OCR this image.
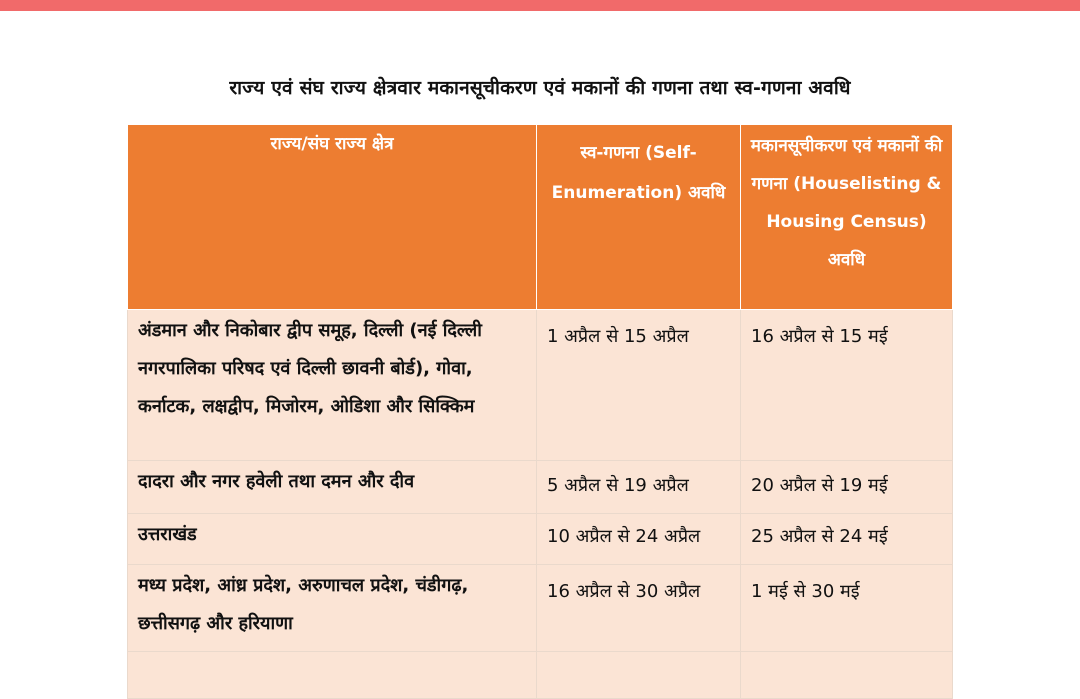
राज्य एवं संघ राज्य क्षेत्रवार मकानसूचीकरण एवं मकानों की गणना तथा स्व-गणना अवधि
राज्य/संघ राज्य क्षेत्र	स्व-गणना (Self-Enumeration) अवधि	मकानसूचीकरण एवं मकानों की गणना (Houselisting & Housing Census) अवधि
अंडमान और निकोबार द्वीप समूह, दिल्ली (नई दिल्ली नगरपालिका परिषद एवं दिल्ली छावनी बोर्ड), गोवा, कर्नाटक, लक्षद्वीप, मिजोरम, ओडिशा और सिक्किम	1 अप्रैल से 15 अप्रैल	16 अप्रैल से 15 मई
दादरा और नगर हवेली तथा दमन और दीव	5 अप्रैल से 19 अप्रैल	20 अप्रैल से 19 मई
उत्तराखंड	10 अप्रैल से 24 अप्रैल	25 अप्रैल से 24 मई
मध्य प्रदेश, आंध्र प्रदेश, अरुणाचल प्रदेश, चंडीगढ़, छत्तीसगढ़ और हरियाणा	16 अप्रैल से 30 अप्रैल	1 मई से 30 मई
